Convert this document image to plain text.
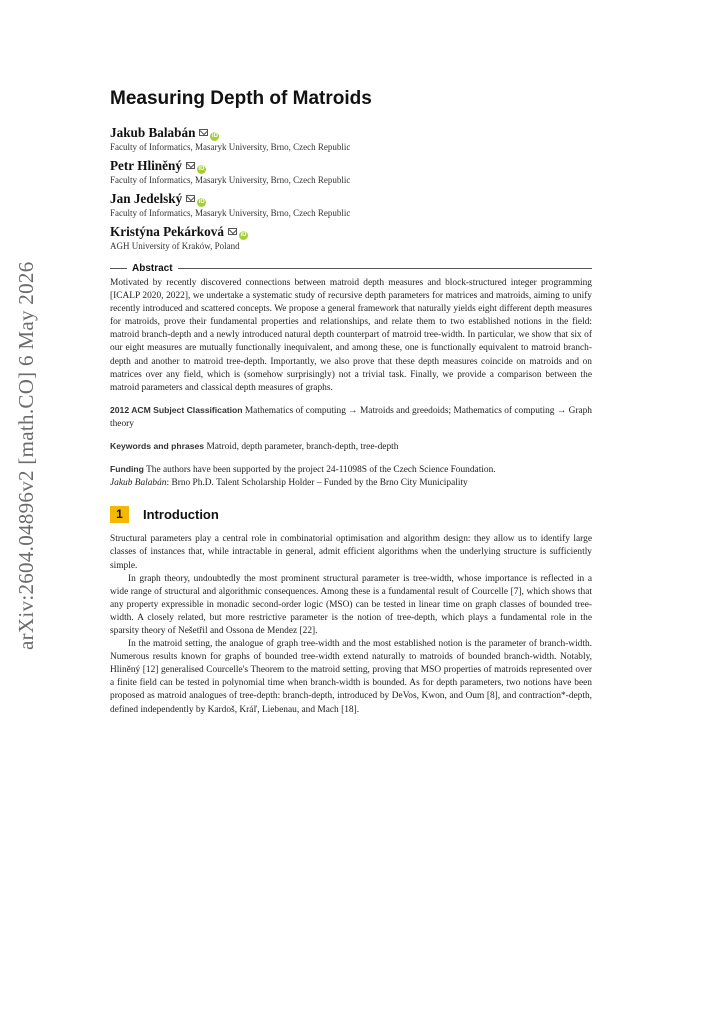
arXiv:2604.04896v2 [math.CO] 6 May 2026
Measuring Depth of Matroids
Jakub Balabán	iD
Faculty of Informatics, Masaryk University, Brno, Czech Republic
Petr Hliněný	iD
Faculty of Informatics, Masaryk University, Brno, Czech Republic
Jan Jedelský	iD
Faculty of Informatics, Masaryk University, Brno, Czech Republic
Kristýna Pekárková	iD
AGH University of Kraków, Poland
Abstract

Motivated by recently discovered connections between matroid depth measures and block-structured integer programming [ICALP 2020, 2022], we undertake a systematic study of recursive depth parameters for matrices and matroids, aiming to unify recently introduced and scattered concepts. We propose a general framework that naturally yields eight different depth measures for matroids, prove their fundamental properties and relationships, and relate them to two established notions in the field: matroid branch-depth and a newly introduced natural depth counterpart of matroid tree-width. In particular, we show that six of our eight measures are mutually functionally inequivalent, and among these, one is functionally equivalent to matroid branch-depth and another to matroid tree-depth. Importantly, we also prove that these depth measures coincide on matroids and on matrices over any field, which is (somehow surprisingly) not a trivial task. Finally, we provide a comparison between the matroid parameters and classical depth measures of graphs.

2012 ACM Subject Classification Mathematics of computing → Matroids and greedoids; Mathematics of computing → Graph theory

Keywords and phrases Matroid, depth parameter, branch-depth, tree-depth

Funding The authors have been supported by the project 24-11098S of the Czech Science Foundation.
Jakub Balabán: Brno Ph.D. Talent Scholarship Holder – Funded by the Brno City Municipality

1	Introduction

Structural parameters play a central role in combinatorial optimisation and algorithm design: they allow us to identify large classes of instances that, while intractable in general, admit efficient algorithms when the underlying structure is sufficiently simple.

In graph theory, undoubtedly the most prominent structural parameter is tree-width, whose importance is reflected in a wide range of structural and algorithmic consequences. Among these is a fundamental result of Courcelle [7], which shows that any property expressible in monadic second-order logic (MSO) can be tested in linear time on graph classes of bounded tree-width. A closely related, but more restrictive parameter is the notion of tree-depth, which plays a fundamental role in the sparsity theory of Nešetřil and Ossona de Mendez [22].

In the matroid setting, the analogue of graph tree-width and the most established notion is the parameter of branch-width. Numerous results known for graphs of bounded tree-width extend naturally to matroids of bounded branch-width. Notably, Hliněný [12] generalised Courcelle's Theorem to the matroid setting, proving that MSO properties of matroids represented over a finite field can be tested in polynomial time when branch-width is bounded. As for depth parameters, two notions have been proposed as matroid analogues of tree-depth: branch-depth, introduced by DeVos, Kwon, and Oum [8], and contraction*-depth, defined independently by Kardoš, Kráľ, Liebenau, and Mach [18].
